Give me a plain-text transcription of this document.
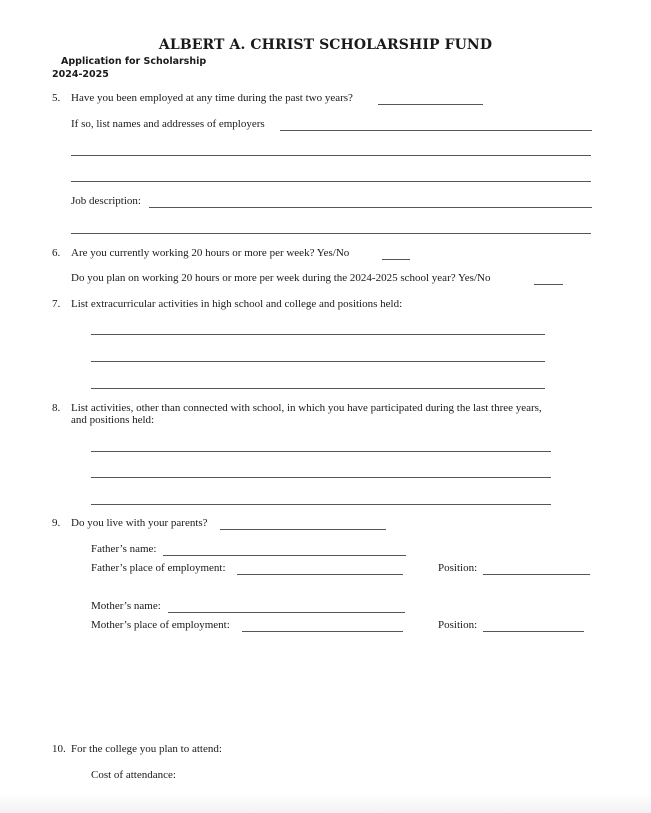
ALBERT A. CHRIST SCHOLARSHIP FUND
Application for Scholarship
2024-2025
5. Have you been employed at any time during the past two years?
If so, list names and addresses of employers
Job description:
6. Are you currently working 20 hours or more per week? Yes/No
Do you plan on working 20 hours or more per week during the 2024-2025 school year? Yes/No
7. List extracurricular activities in high school and college and positions held:
8. List activities, other than connected with school, in which you have participated during the last three years,
and positions held:
9. Do you live with your parents?
Father’s name:
Father’s place of employment:	Position:
Mother’s name:
Mother’s place of employment:	Position:
10. For the college you plan to attend:
Cost of attendance:
